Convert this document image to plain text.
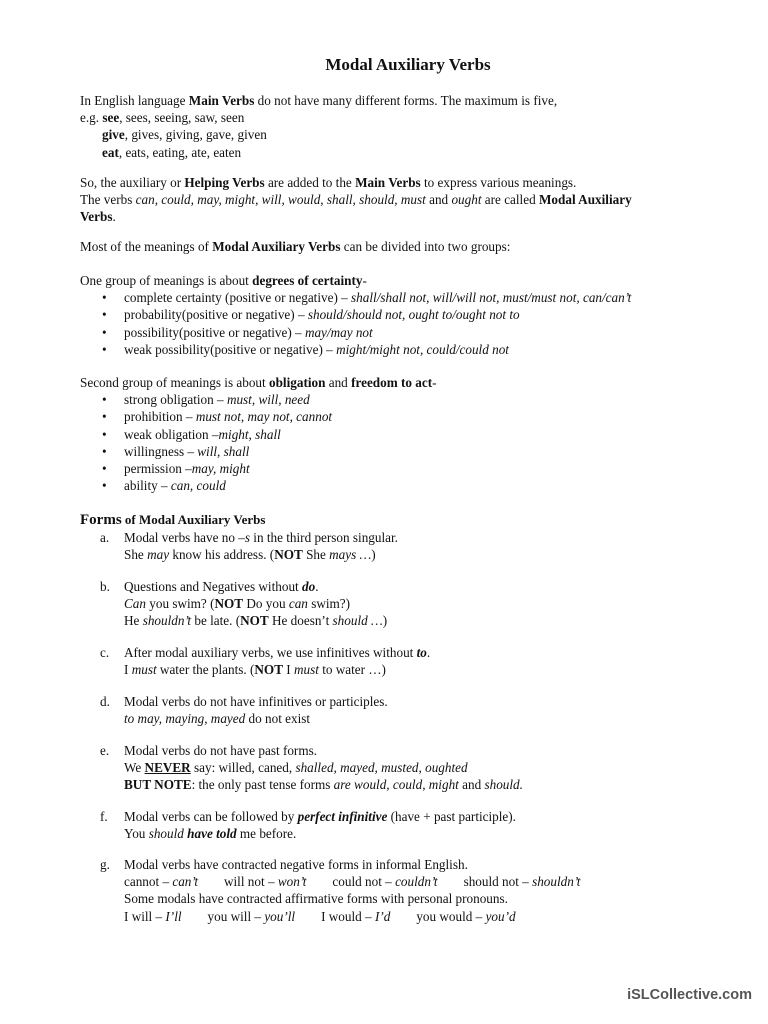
Modal Auxiliary Verbs
In English language Main Verbs do not have many different forms. The maximum is five,
e.g. see, sees, seeing, saw, seen
give, gives, giving, gave, given
eat, eats, eating, ate, eaten
So, the auxiliary or Helping Verbs are added to the Main Verbs to express various meanings.
The verbs can, could, may, might, will, would, shall, should, must and ought are called Modal Auxiliary
Verbs.
Most of the meanings of Modal Auxiliary Verbs can be divided into two groups:
One group of meanings is about degrees of certainty-
• complete certainty (positive or negative) – shall/shall not, will/will not, must/must not, can/can’t
• probability(positive or negative) – should/should not, ought to/ought not to
• possibility(positive or negative) – may/may not
• weak possibility(positive or negative) – might/might not, could/could not
Second group of meanings is about obligation and freedom to act-
• strong obligation – must, will, need
• prohibition – must not, may not, cannot
• weak obligation –might, shall
• willingness – will, shall
• permission –may, might
• ability – can, could
Forms of Modal Auxiliary Verbs
a.	Modal verbs have no –s in the third person singular.
She may know his address. (NOT She mays …)
b.	Questions and Negatives without do.
Can you swim? (NOT Do you can swim?)
He shouldn’t be late. (NOT He doesn’t should …)
c.	After modal auxiliary verbs, we use infinitives without to.
I must water the plants. (NOT I must to water …)
d.	Modal verbs do not have infinitives or participles.
to may, maying, mayed do not exist
e.	Modal verbs do not have past forms.
We NEVER say: willed, caned, shalled, mayed, musted, oughted
BUT NOTE: the only past tense forms are would, could, might and should.
f.	Modal verbs can be followed by perfect infinitive (have + past participle).
You should have told me before.
g.	Modal verbs have contracted negative forms in informal English.
cannot – can’t will not – won’t could not – couldn’t should not – shouldn’t
Some modals have contracted affirmative forms with personal pronouns.
I will – I’ll you will – you’ll I would – I’d you would – you’d
iSLCollective.com
